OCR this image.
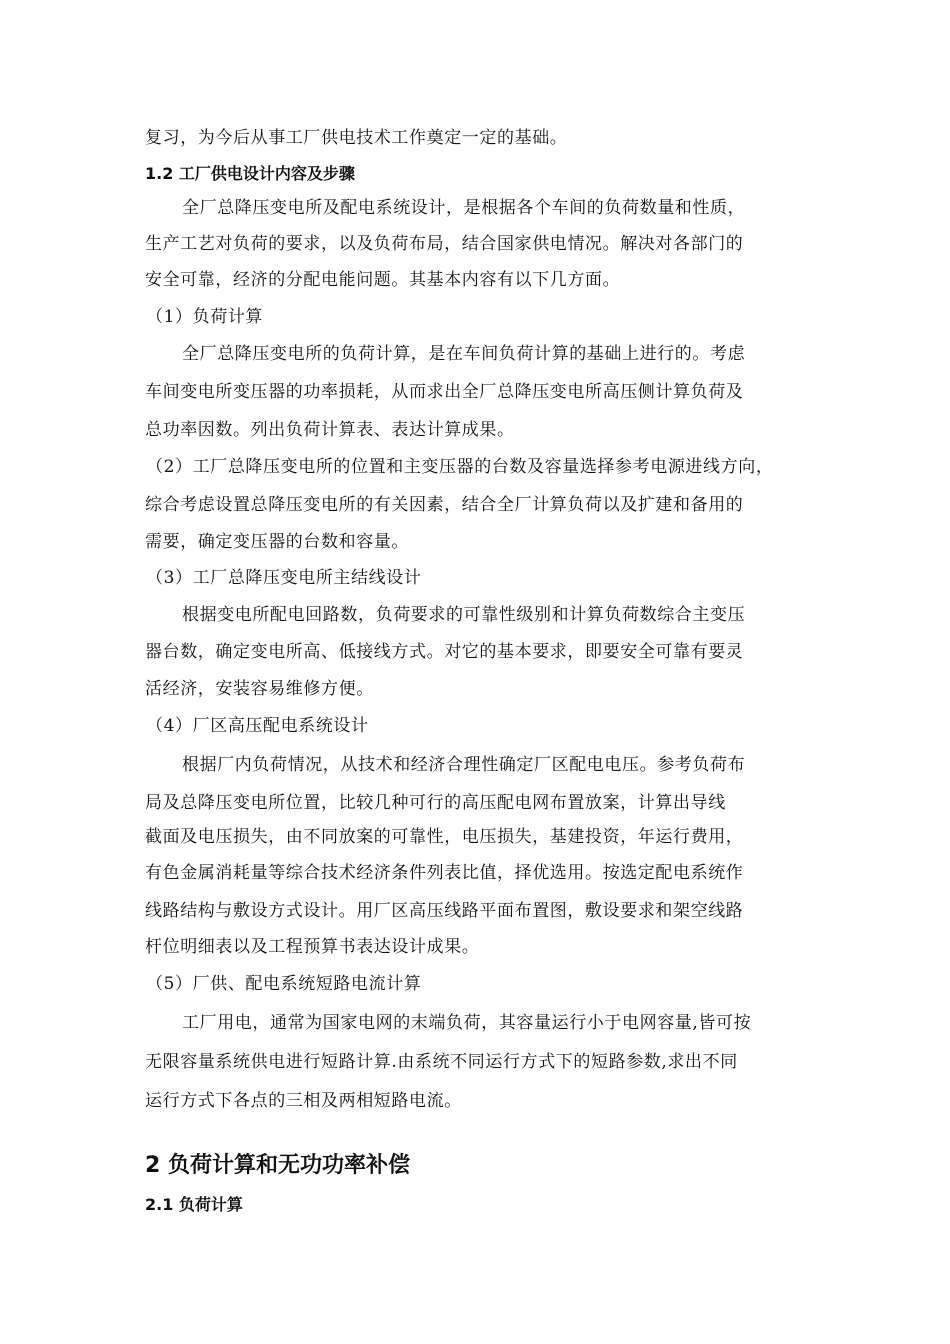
复习，为今后从事工厂供电技术工作奠定一定的基础。
1.2 工厂供电设计内容及步骤
全厂总降压变电所及配电系统设计，是根据各个车间的负荷数量和性质，
生产工艺对负荷的要求，以及负荷布局，结合国家供电情况。解决对各部门的
安全可靠，经济的分配电能问题。其基本内容有以下几方面。
（1）负荷计算
全厂总降压变电所的负荷计算，是在车间负荷计算的基础上进行的。考虑
车间变电所变压器的功率损耗，从而求出全厂总降压变电所高压侧计算负荷及
总功率因数。列出负荷计算表、表达计算成果。
（2）工厂总降压变电所的位置和主变压器的台数及容量选择参考电源进线方向，
综合考虑设置总降压变电所的有关因素，结合全厂计算负荷以及扩建和备用的
需要，确定变压器的台数和容量。
（3）工厂总降压变电所主结线设计
根据变电所配电回路数，负荷要求的可靠性级别和计算负荷数综合主变压
器台数，确定变电所高、低接线方式。对它的基本要求，即要安全可靠有要灵
活经济，安装容易维修方便。
（4）厂区高压配电系统设计
根据厂内负荷情况，从技术和经济合理性确定厂区配电电压。参考负荷布
局及总降压变电所位置，比较几种可行的高压配电网布置放案，计算出导线
截面及电压损失，由不同放案的可靠性，电压损失，基建投资，年运行费用，
有色金属消耗量等综合技术经济条件列表比值，择优选用。按选定配电系统作
线路结构与敷设方式设计。用厂区高压线路平面布置图，敷设要求和架空线路
杆位明细表以及工程预算书表达设计成果。
（5）厂供、配电系统短路电流计算
工厂用电，通常为国家电网的末端负荷，其容量运行小于电网容量,皆可按
无限容量系统供电进行短路计算.由系统不同运行方式下的短路参数,求出不同
运行方式下各点的三相及两相短路电流。
2 负荷计算和无功功率补偿
2.1 负荷计算
